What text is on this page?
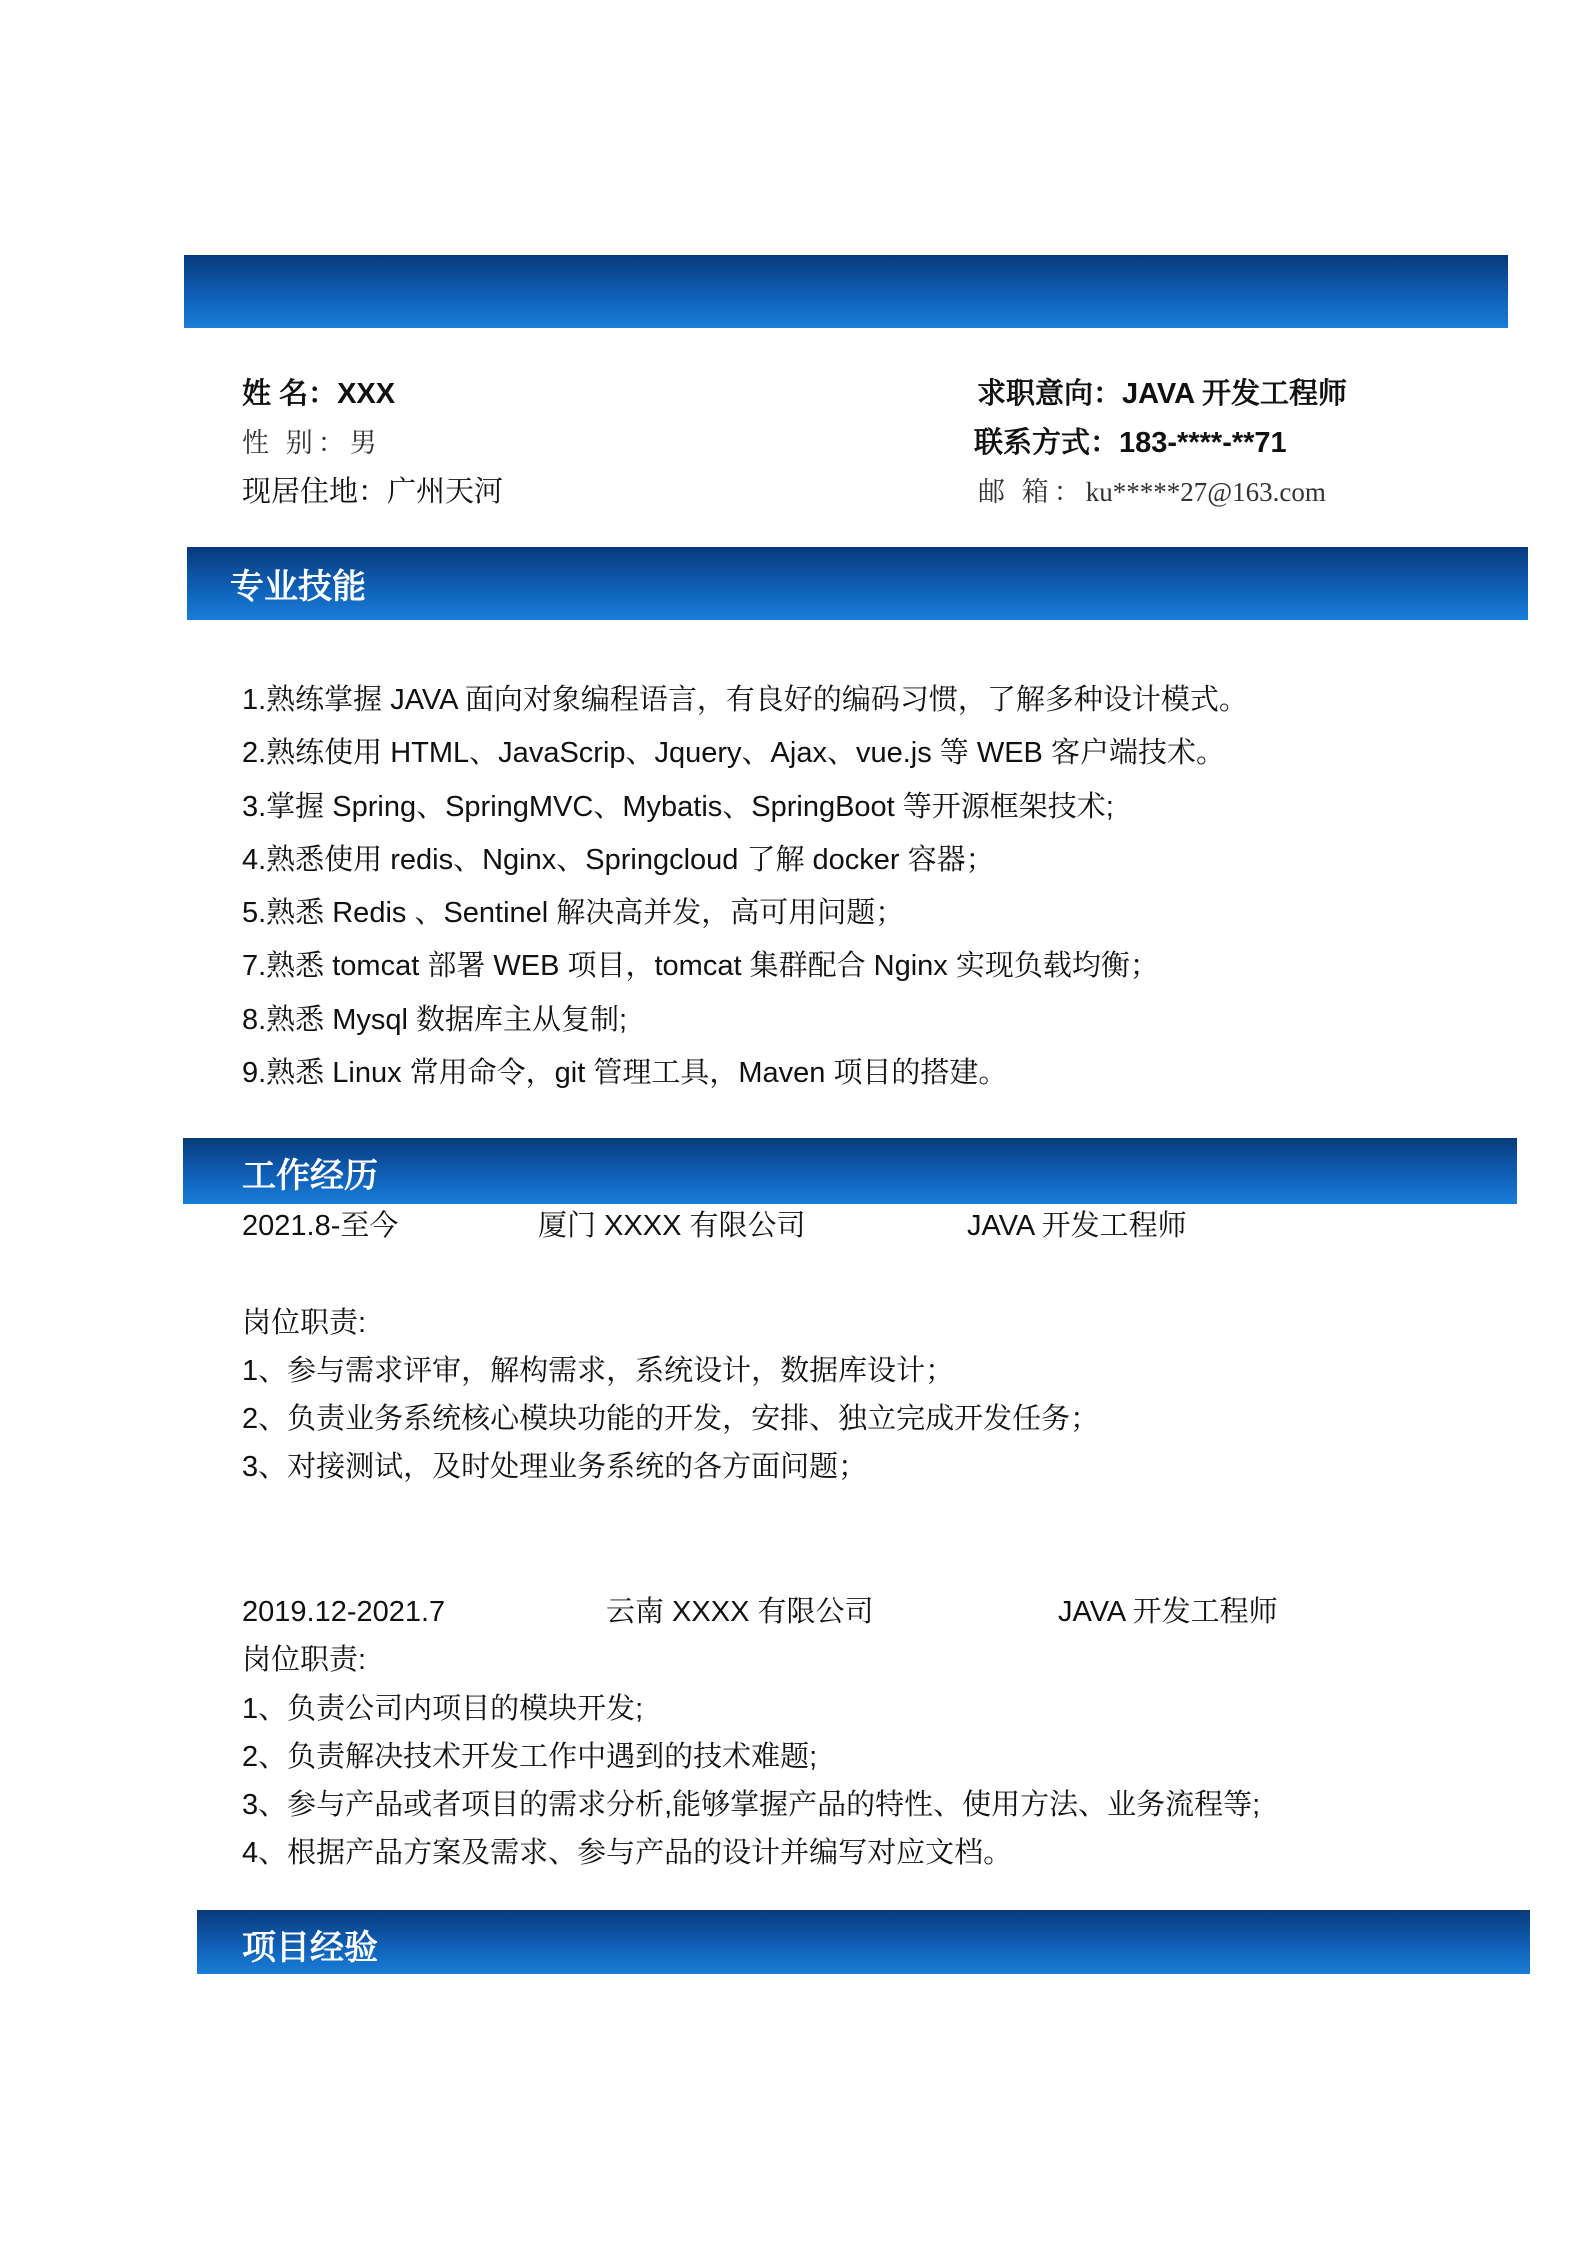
姓 名：XXX
性 别：男
现居住地：广州天河
求职意向：JAVA 开发工程师
联系方式：183-****-**71
邮 箱：ku*****27@163.com
专业技能
1.熟练掌握 JAVA 面向对象编程语言，有良好的编码习惯，了解多种设计模式。
2.熟练使用 HTML、JavaScrip、Jquery、Ajax、vue.js 等 WEB 客户端技术。
3.掌握 Spring、SpringMVC、Mybatis、SpringBoot 等开源框架技术;
4.熟悉使用 redis、Nginx、Springcloud 了解 docker 容器；
5.熟悉 Redis 、Sentinel 解决高并发，高可用问题；
7.熟悉 tomcat 部署 WEB 项目，tomcat 集群配合 Nginx 实现负载均衡；
8.熟悉 Mysql 数据库主从复制;
9.熟悉 Linux 常用命令，git 管理工具，Maven 项目的搭建。
工作经历
2021.8-至今	厦门 XXXX 有限公司	JAVA 开发工程师
岗位职责:
1、参与需求评审，解构需求，系统设计，数据库设计；
2、负责业务系统核心模块功能的开发，安排、独立完成开发任务；
3、对接测试，及时处理业务系统的各方面问题；
2019.12-2021.7	云南 XXXX 有限公司	JAVA 开发工程师
岗位职责:
1、负责公司内项目的模块开发;
2、负责解决技术开发工作中遇到的技术难题;
3、参与产品或者项目的需求分析,能够掌握产品的特性、使用方法、业务流程等;
4、根据产品方案及需求、参与产品的设计并编写对应文档。
项目经验
